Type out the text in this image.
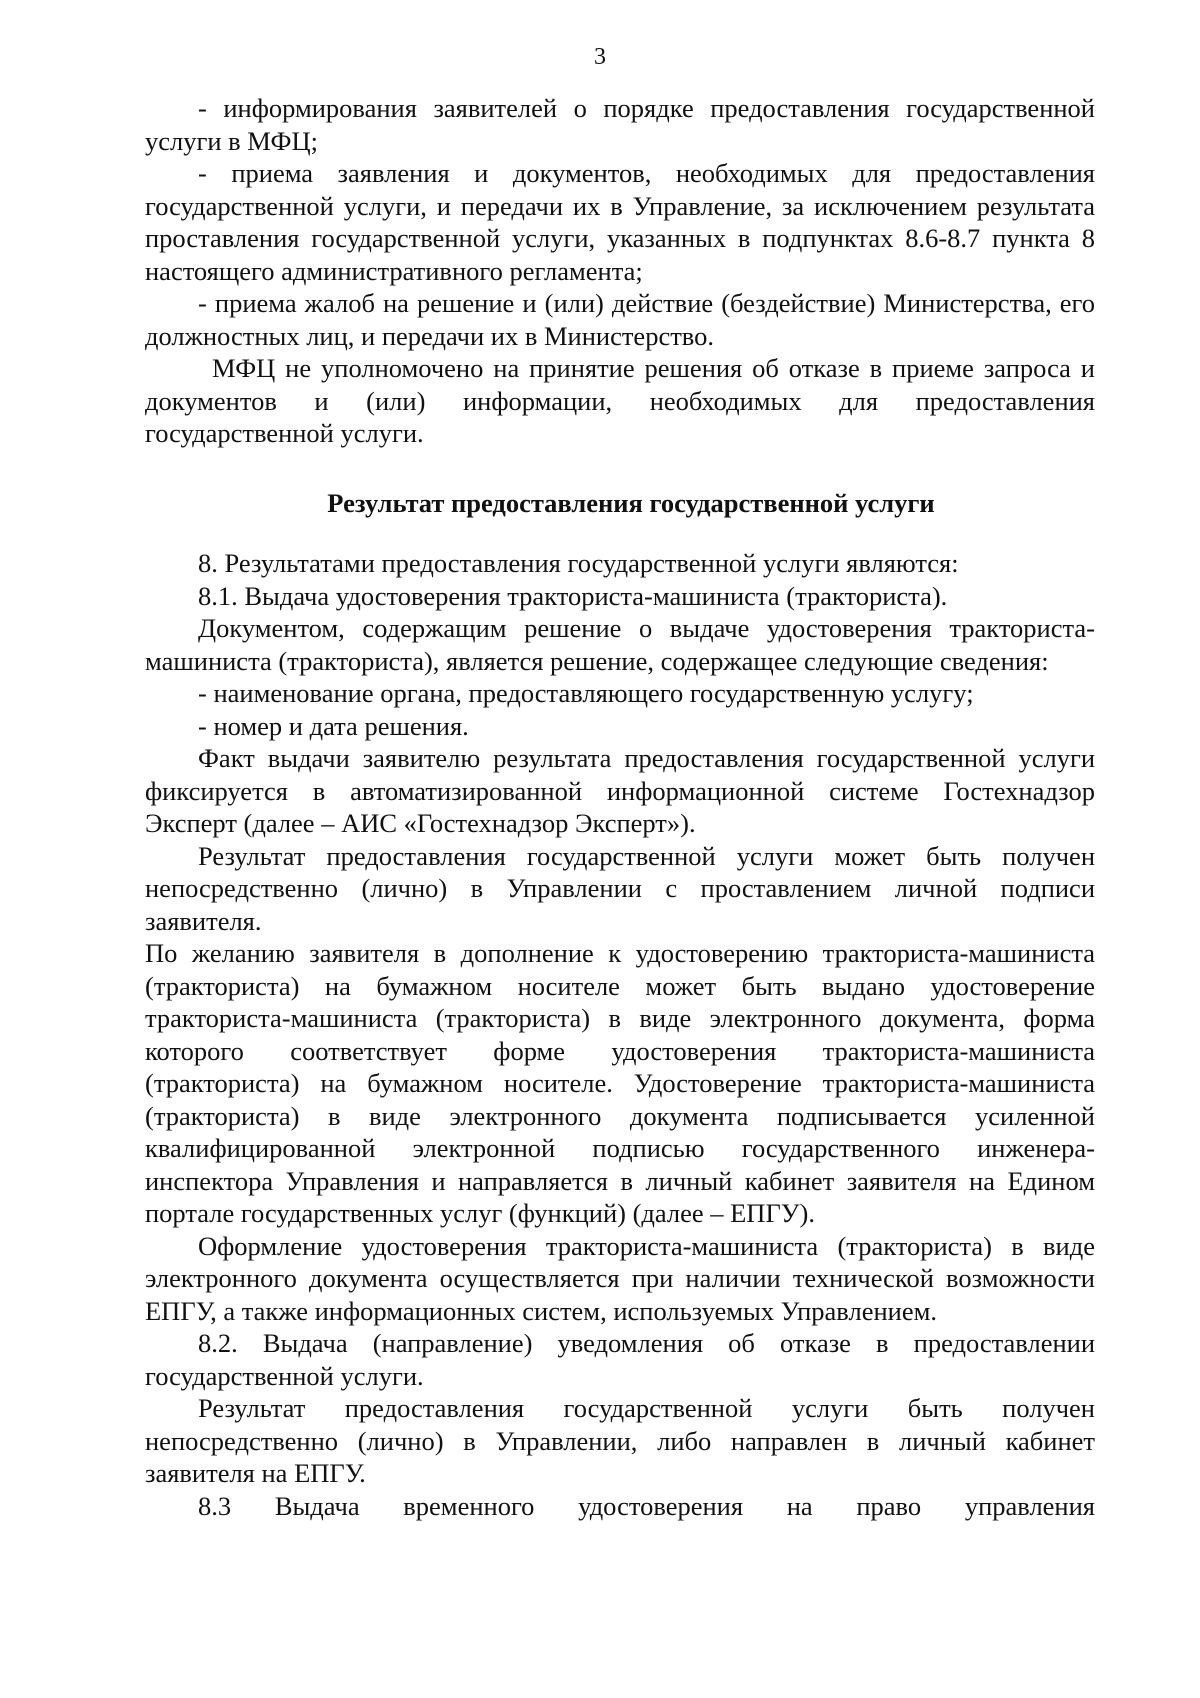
3

- информирования заявителей о порядке предоставления государственной услуги в МФЦ;

- приема заявления и документов, необходимых для предоставления государственной услуги, и передачи их в Управление, за исключением результата проставления государственной услуги, указанных в подпунктах 8.6-8.7 пункта 8 настоящего административного регламента;

- приема жалоб на решение и (или) действие (бездействие) Министерства, его должностных лиц, и передачи их в Министерство.

МФЦ не уполномочено на принятие решения об отказе в приеме запроса и документов и (или) информации, необходимых для предоставления государственной услуги.

Результат предоставления государственной услуги

8. Результатами предоставления государственной услуги являются:

8.1. Выдача удостоверения тракториста-машиниста (тракториста).

Документом, содержащим решение о выдаче удостоверения тракториста-машиниста (тракториста), является решение, содержащее следующие сведения:

- наименование органа, предоставляющего государственную услугу;

- номер и дата решения.

Факт выдачи заявителю результата предоставления государственной услуги фиксируется в автоматизированной информационной системе Гостехнадзор Эксперт (далее – АИС «Гостехнадзор Эксперт»).

Результат предоставления государственной услуги может быть получен непосредственно (лично) в Управлении с проставлением личной подписи заявителя.

По желанию заявителя в дополнение к удостоверению тракториста-машиниста (тракториста) на бумажном носителе может быть выдано удостоверение тракториста-машиниста (тракториста) в виде электронного документа, форма которого соответствует форме удостоверения тракториста-машиниста (тракториста) на бумажном носителе. Удостоверение тракториста-машиниста (тракториста) в виде электронного документа подписывается усиленной квалифицированной электронной подписью государственного инженера-инспектора Управления и направляется в личный кабинет заявителя на Едином портале государственных услуг (функций) (далее – ЕПГУ).

Оформление удостоверения тракториста-машиниста (тракториста) в виде электронного документа осуществляется при наличии технической возможности ЕПГУ, а также информационных систем, используемых Управлением.

8.2. Выдача (направление) уведомления об отказе в предоставлении государственной услуги.

Результат предоставления государственной услуги быть получен непосредственно (лично) в Управлении, либо направлен в личный кабинет заявителя на ЕПГУ.

8.3 Выдача временного удостоверения на право управления
